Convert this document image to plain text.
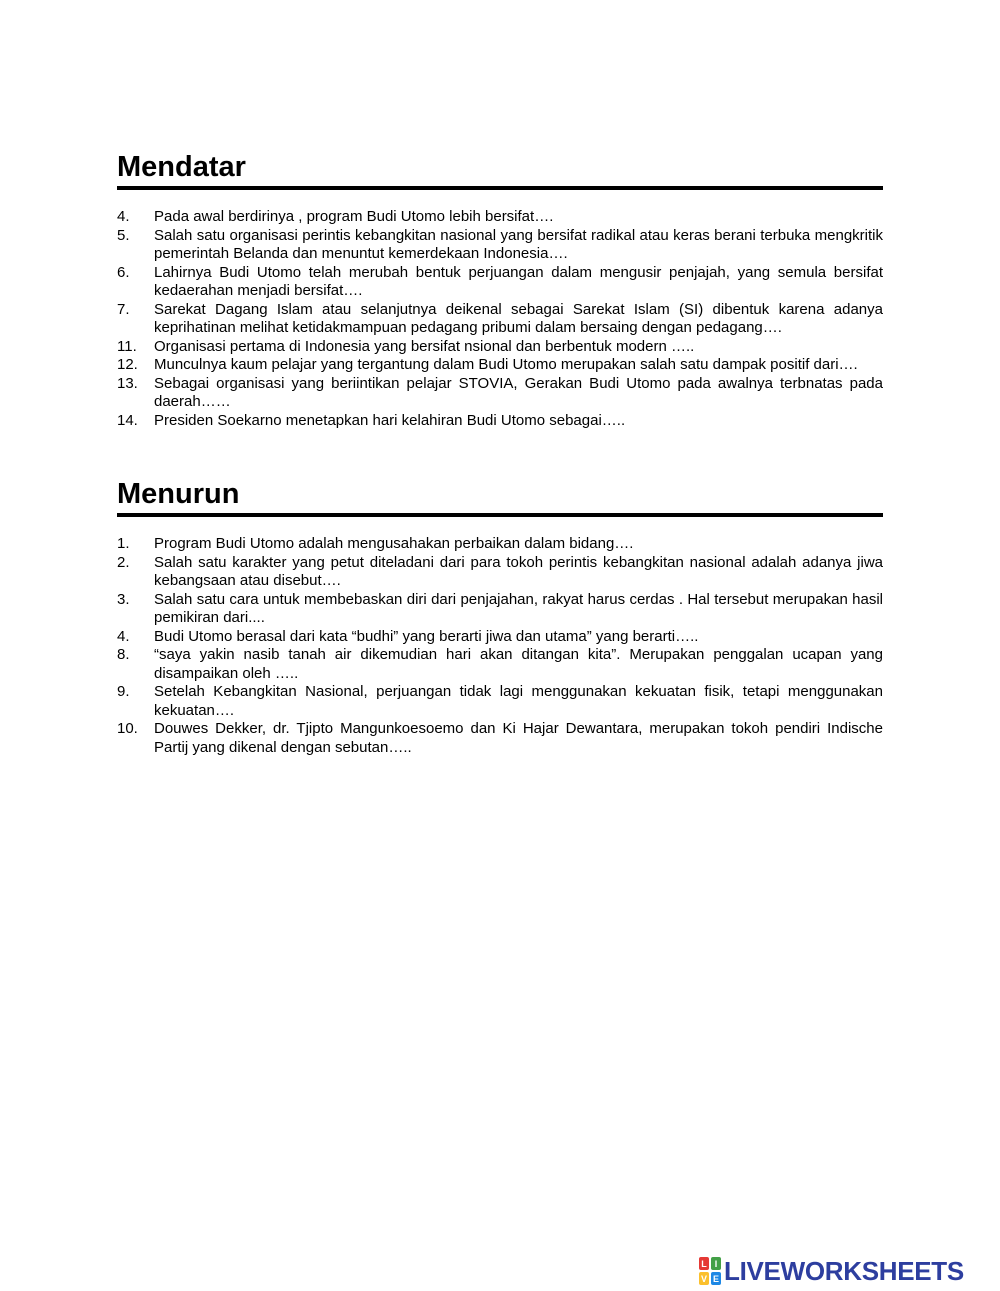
Mendatar
4.	Pada awal berdirinya , program Budi Utomo lebih bersifat….
5.	Salah satu organisasi perintis kebangkitan nasional yang bersifat radikal atau keras berani terbuka mengkritik pemerintah Belanda dan menuntut kemerdekaan Indonesia….
6.	Lahirnya Budi Utomo telah merubah bentuk perjuangan dalam mengusir penjajah, yang semula bersifat kedaerahan menjadi bersifat….
7.	Sarekat Dagang Islam atau selanjutnya deikenal sebagai Sarekat Islam (SI) dibentuk karena adanya keprihatinan melihat ketidakmampuan pedagang pribumi dalam bersaing dengan pedagang….
11.	Organisasi pertama di Indonesia yang bersifat nsional dan berbentuk modern …..
12.	Munculnya kaum pelajar yang tergantung dalam Budi Utomo merupakan salah satu dampak positif dari….
13.	Sebagai organisasi yang beriintikan pelajar STOVIA, Gerakan Budi Utomo pada awalnya terbnatas pada daerah……
14.	Presiden Soekarno menetapkan hari kelahiran Budi Utomo sebagai…..
Menurun
1.	Program Budi Utomo adalah mengusahakan perbaikan dalam bidang….
2.	Salah satu karakter yang petut diteladani dari para tokoh perintis kebangkitan nasional adalah adanya jiwa kebangsaan atau disebut….
3.	Salah satu cara untuk membebaskan diri dari penjajahan, rakyat harus cerdas . Hal tersebut merupakan hasil pemikiran dari....
4.	Budi Utomo berasal dari kata “budhi” yang berarti jiwa dan utama” yang berarti…..
8.	“saya yakin nasib tanah air dikemudian hari akan ditangan kita”. Merupakan penggalan ucapan yang disampaikan oleh …..
9.	Setelah Kebangkitan Nasional, perjuangan tidak lagi menggunakan kekuatan fisik, tetapi menggunakan kekuatan….
10.	Douwes Dekker, dr. Tjipto Mangunkoesoemo dan Ki Hajar Dewantara, merupakan tokoh pendiri Indische Partij yang dikenal dengan sebutan…..
L I
V E LIVEWORKSHEETS
